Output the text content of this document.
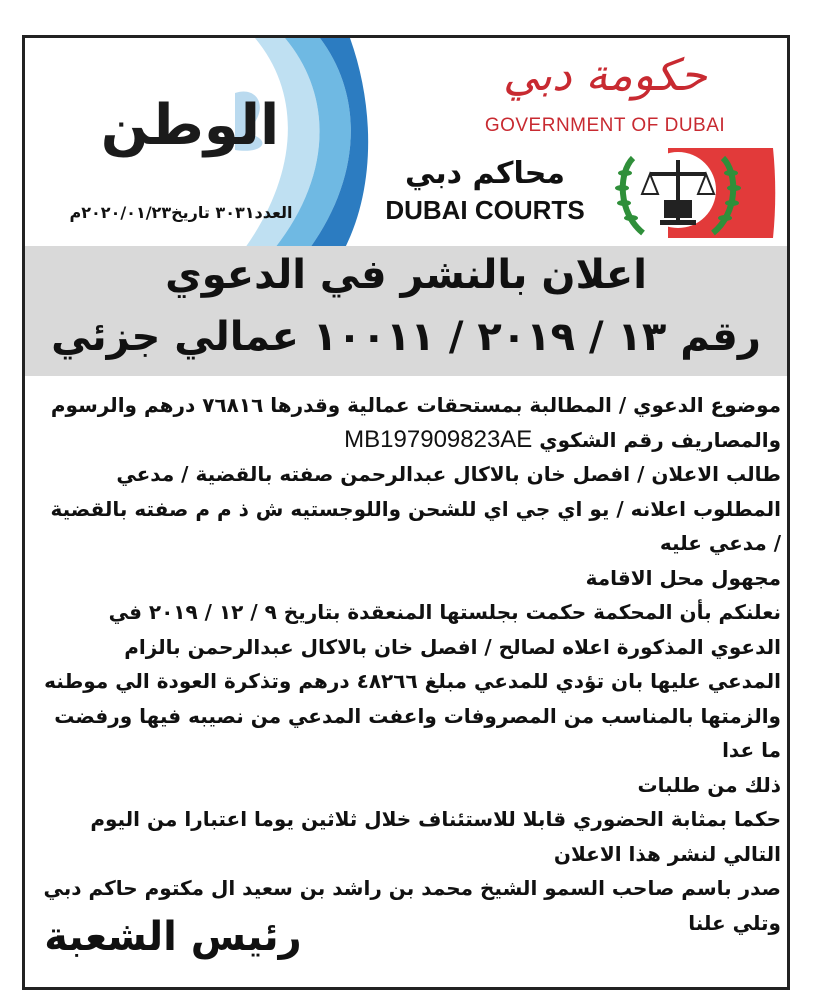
الوطن
العدد٣٠٣١ تاريخ٢٠٢٠/٠١/٢٣م
حكومة دبي
GOVERNMENT OF DUBAI
محاكم دبي
DUBAI COURTS
اعلان بالنشر في الدعوي
رقم ١٣ / ٢٠١٩ / ١٠٠١١ عمالي جزئي

موضوع الدعوي / المطالبة بمستحقات عمالية وقدرها ٧٦٨١٦ درهم والرسوم

والمصاريف رقم الشكوي MB197909823AE

طالب الاعلان / افصل خان بالاكال عبدالرحمن صفته بالقضية / مدعي

المطلوب اعلانه / يو اي جي اي للشحن واللوجستيه ش ذ م م صفته بالقضية

/ مدعي عليه

مجهول محل الاقامة

نعلنكم بأن المحكمة حكمت بجلستها المنعقدة بتاريخ ٩ / ١٢ / ٢٠١٩ في

الدعوي المذكورة اعلاه لصالح / افصل خان بالاكال عبدالرحمن بالزام

المدعي عليها بان تؤدي للمدعي مبلغ ٤٨٢٦٦ درهم وتذكرة العودة الي موطنه

والزمتها بالمناسب من المصروفات واعفت المدعي من نصيبه فيها ورفضت ما عدا

ذلك من طلبات

حكما بمثابة الحضوري قابلا للاستئناف خلال ثلاثين يوما اعتبارا من اليوم

التالي لنشر هذا الاعلان

صدر باسم صاحب السمو الشيخ محمد بن راشد بن سعيد ال مكتوم حاكم دبي

وتلي علنا

رئيس الشعبة
